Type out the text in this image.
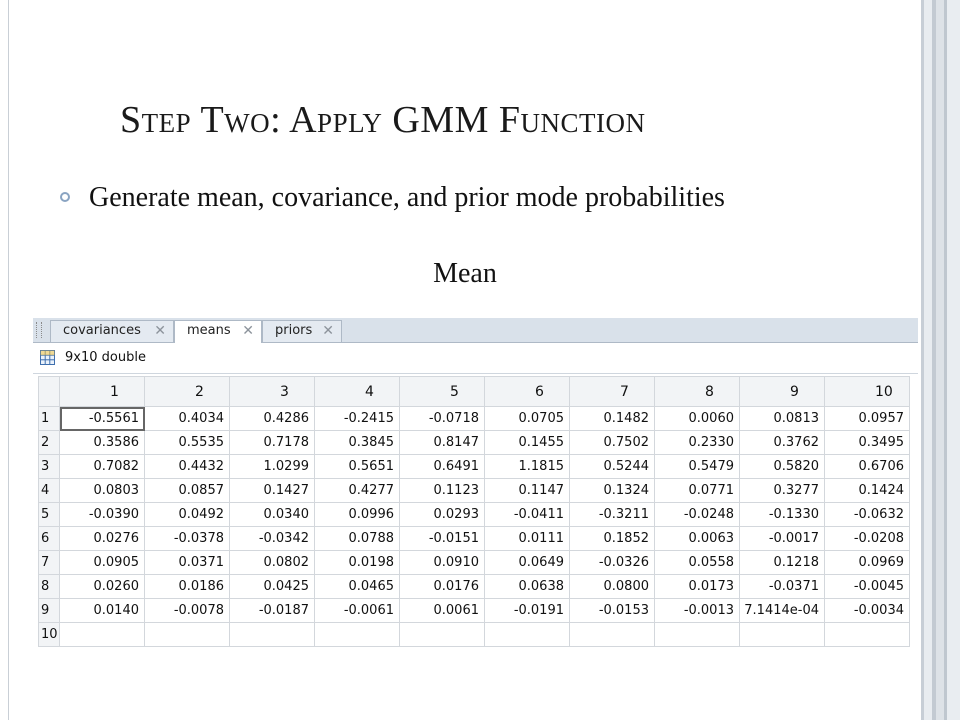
Step Two: Apply GMM Function
Generate mean, covariance, and prior mode probabilities
Mean
covariances ✕	means ✕	priors ✕
9x10 double
	1	2	3	4	5	6	7	8	9	10
1	-0.5561	0.4034	0.4286	-0.2415	-0.0718	0.0705	0.1482	0.0060	0.0813	0.0957
2	0.3586	0.5535	0.7178	0.3845	0.8147	0.1455	0.7502	0.2330	0.3762	0.3495
3	0.7082	0.4432	1.0299	0.5651	0.6491	1.1815	0.5244	0.5479	0.5820	0.6706
4	0.0803	0.0857	0.1427	0.4277	0.1123	0.1147	0.1324	0.0771	0.3277	0.1424
5	-0.0390	0.0492	0.0340	0.0996	0.0293	-0.0411	-0.3211	-0.0248	-0.1330	-0.0632
6	0.0276	-0.0378	-0.0342	0.0788	-0.0151	0.0111	0.1852	0.0063	-0.0017	-0.0208
7	0.0905	0.0371	0.0802	0.0198	0.0910	0.0649	-0.0326	0.0558	0.1218	0.0969
8	0.0260	0.0186	0.0425	0.0465	0.0176	0.0638	0.0800	0.0173	-0.0371	-0.0045
9	0.0140	-0.0078	-0.0187	-0.0061	0.0061	-0.0191	-0.0153	-0.0013	7.1414e-04	-0.0034
10										
